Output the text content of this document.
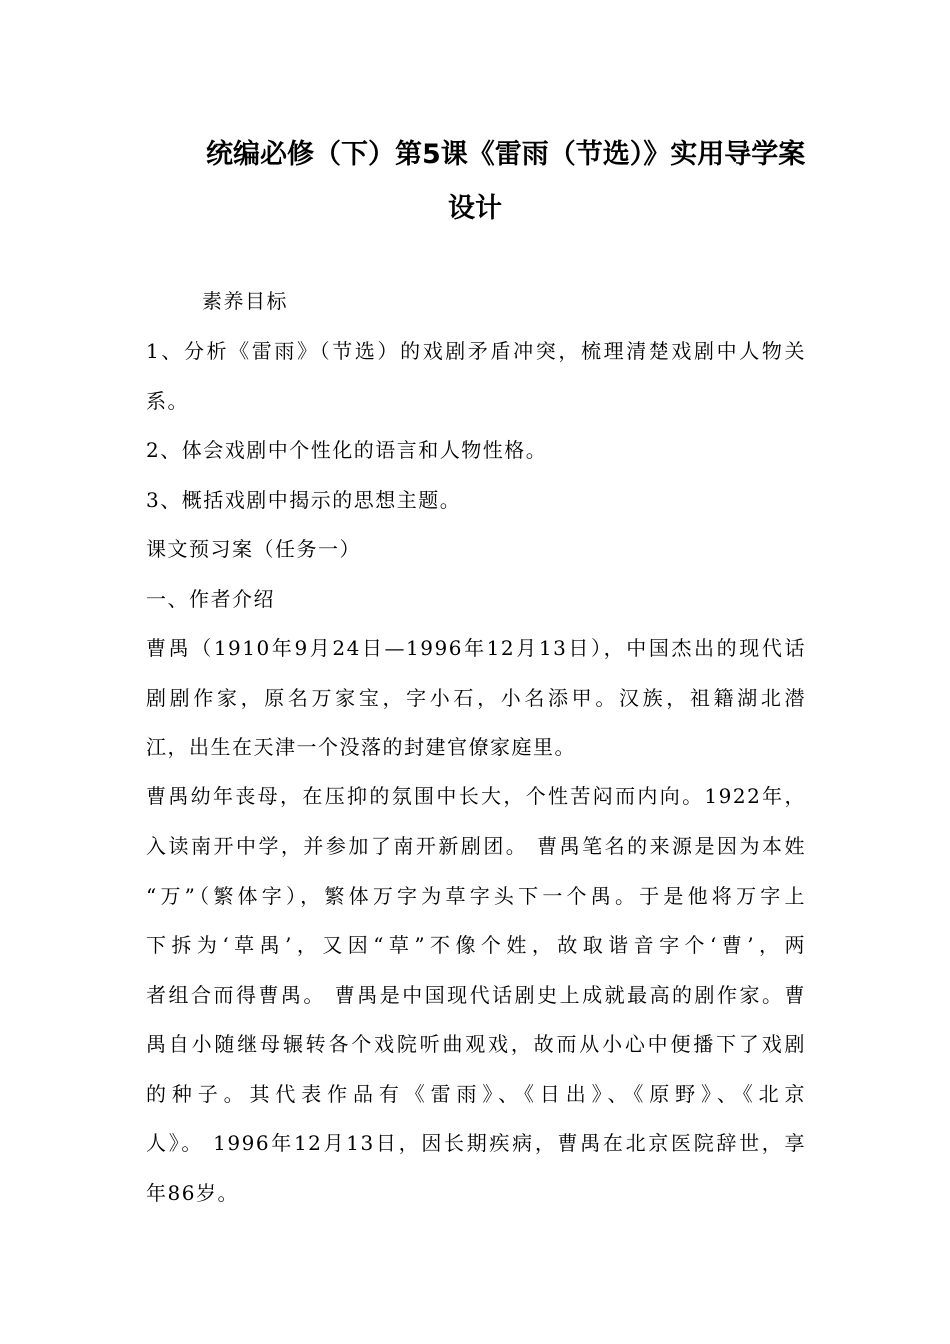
统编必修（下）第5课《雷雨（节选）》实用导学案
设计
素养目标
1、分析《雷雨》（节选）的戏剧矛盾冲突，梳理清楚戏剧中人物关
系。
2、体会戏剧中个性化的语言和人物性格。
3、概括戏剧中揭示的思想主题。
课文预习案（任务一）
一、作者介绍
曹禺（1910年9月24日—1996年12月13日），中国杰出的现代话
剧剧作家，原名万家宝，字小石，小名添甲。汉族，祖籍湖北潜
江，出生在天津一个没落的封建官僚家庭里。
曹禺幼年丧母，在压抑的氛围中长大，个性苦闷而内向。1922年，
入读南开中学，并参加了南开新剧团。 曹禺笔名的来源是因为本姓
“万”（繁体字），繁体万字为草字头下一个禺。于是他将万字上
下拆为‘草禺’，又因“草”不像个姓，故取谐音字个‘曹’，两
者组合而得曹禺。 曹禺是中国现代话剧史上成就最高的剧作家。曹
禺自小随继母辗转各个戏院听曲观戏，故而从小心中便播下了戏剧
的种子。其代表作品有《雷雨》、《日出》、《原野》、《北京
人》。 1996年12月13日，因长期疾病，曹禺在北京医院辞世，享
年86岁。
